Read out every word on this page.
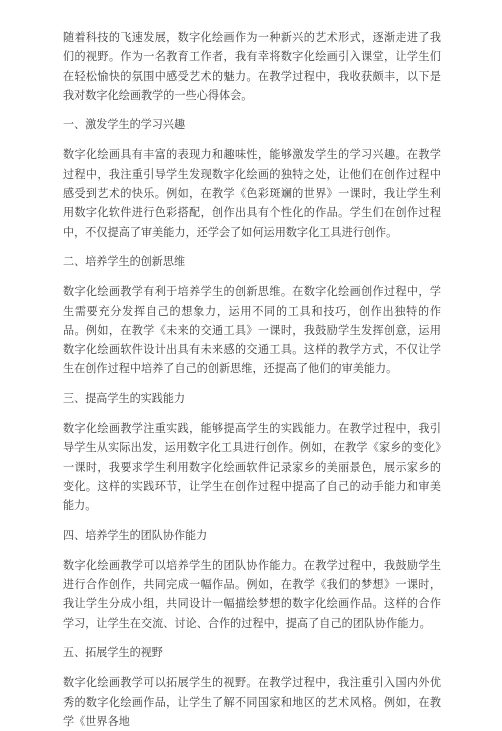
随着科技的飞速发展，数字化绘画作为一种新兴的艺术形式，逐渐走进了我们的视野。作为一名教育工作者，我有幸将数字化绘画引入课堂，让学生们在轻松愉快的氛围中感受艺术的魅力。在教学过程中，我收获颇丰，以下是我对数字化绘画教学的一些心得体会。

一、激发学生的学习兴趣

数字化绘画具有丰富的表现力和趣味性，能够激发学生的学习兴趣。在教学过程中，我注重引导学生发现数字化绘画的独特之处，让他们在创作过程中感受到艺术的快乐。例如，在教学《色彩斑斓的世界》一课时，我让学生利用数字化软件进行色彩搭配，创作出具有个性化的作品。学生们在创作过程中，不仅提高了审美能力，还学会了如何运用数字化工具进行创作。

二、培养学生的创新思维

数字化绘画教学有利于培养学生的创新思维。在数字化绘画创作过程中，学生需要充分发挥自己的想象力，运用不同的工具和技巧，创作出独特的作品。例如，在教学《未来的交通工具》一课时，我鼓励学生发挥创意，运用数字化绘画软件设计出具有未来感的交通工具。这样的教学方式，不仅让学生在创作过程中培养了自己的创新思维，还提高了他们的审美能力。

三、提高学生的实践能力

数字化绘画教学注重实践，能够提高学生的实践能力。在教学过程中，我引导学生从实际出发，运用数字化工具进行创作。例如，在教学《家乡的变化》一课时，我要求学生利用数字化绘画软件记录家乡的美丽景色，展示家乡的变化。这样的实践环节，让学生在创作过程中提高了自己的动手能力和审美能力。

四、培养学生的团队协作能力

数字化绘画教学可以培养学生的团队协作能力。在教学过程中，我鼓励学生进行合作创作，共同完成一幅作品。例如，在教学《我们的梦想》一课时，我让学生分成小组，共同设计一幅描绘梦想的数字化绘画作品。这样的合作学习，让学生在交流、讨论、合作的过程中，提高了自己的团队协作能力。

五、拓展学生的视野

数字化绘画教学可以拓展学生的视野。在教学过程中，我注重引入国内外优秀的数字化绘画作品，让学生了解不同国家和地区的艺术风格。例如，在教学《世界各地
